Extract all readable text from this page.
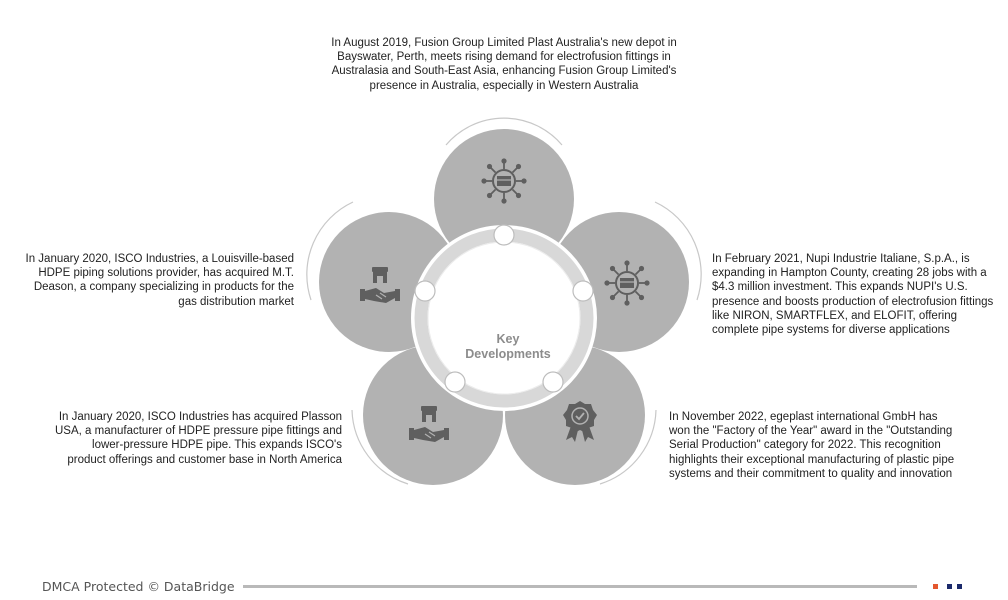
Key
Developments
In August 2019, Fusion Group Limited Plast Australia's new depot in Bayswater, Perth, meets rising demand for electrofusion fittings in Australasia and South-East Asia, enhancing Fusion Group Limited's presence in Australia, especially in Western Australia
In January 2020, ISCO Industries, a Louisville-based HDPE piping solutions provider, has acquired M.T. Deason, a company specializing in products for the gas distribution market
In February 2021, Nupi Industrie Italiane, S.p.A., is expanding in Hampton County, creating 28 jobs with a $4.3 million investment. This expands NUPI's U.S. presence and boosts production of electrofusion fittings like NIRON, SMARTFLEX, and ELOFIT, offering complete pipe systems for diverse applications
In January 2020, ISCO Industries has acquired Plasson USA, a manufacturer of HDPE pressure pipe fittings and lower-pressure HDPE pipe. This expands ISCO's product offerings and customer base in North America
In November 2022, egeplast international GmbH has won the "Factory of the Year" award in the "Outstanding Serial Production" category for 2022. This recognition highlights their exceptional manufacturing of plastic pipe systems and their commitment to quality and innovation
DMCA Protected © DataBridge
